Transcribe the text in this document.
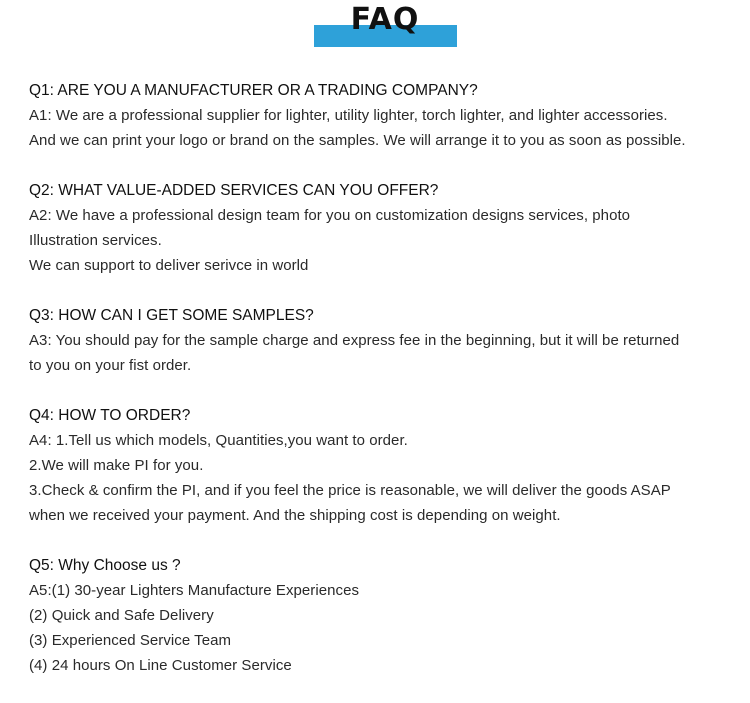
FAQ
Q1: ARE YOU A MANUFACTURER OR A TRADING COMPANY?
A1: We are a professional supplier for lighter, utility lighter, torch lighter, and lighter accessories.
And we can print your logo or brand on the samples. We will arrange it to you as soon as possible.
Q2: WHAT VALUE-ADDED SERVICES CAN YOU OFFER?
A2: We have a professional design team for you on customization designs services, photo
Illustration services.
We can support to deliver serivce in world
Q3: HOW CAN I GET SOME SAMPLES?
A3: You should pay for the sample charge and express fee in the beginning, but it will be returned
to you on your fist order.
Q4: HOW TO ORDER?
A4: 1.Tell us which models, Quantities,you want to order.
2.We will make PI for you.
3.Check & confirm the PI, and if you feel the price is reasonable, we will deliver the goods ASAP
when we received your payment. And the shipping cost is depending on weight.
Q5: Why Choose us ?
A5:(1) 30-year Lighters Manufacture Experiences
(2) Quick and Safe Delivery
(3) Experienced Service Team
(4) 24 hours On Line Customer Service
